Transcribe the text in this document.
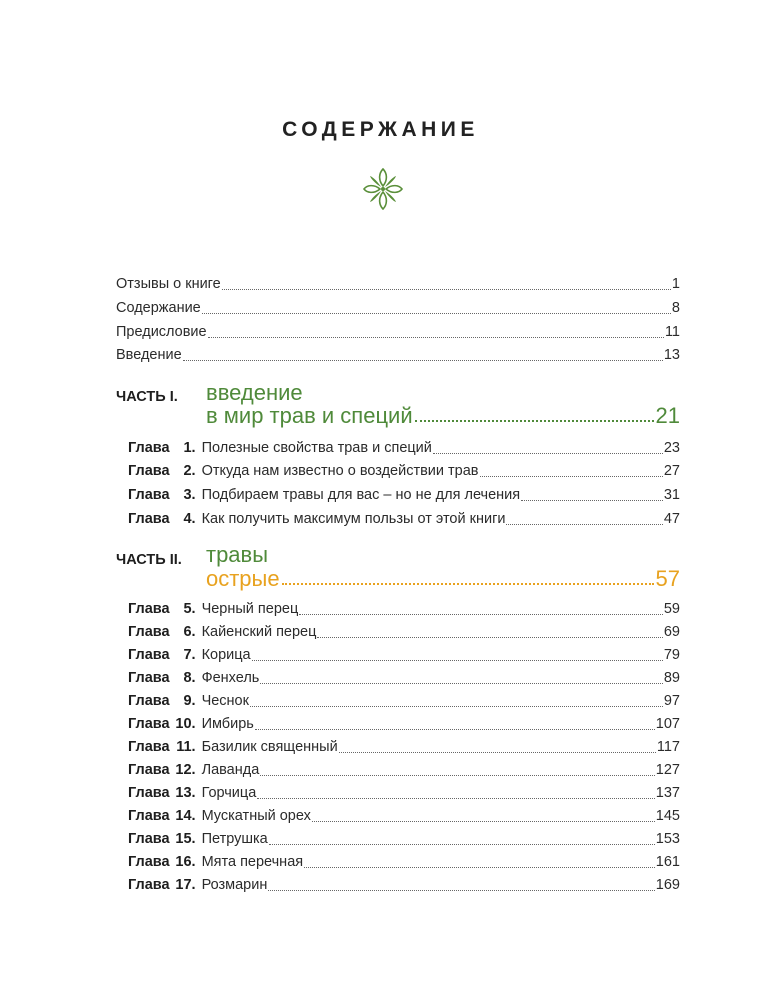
СОДЕРЖАНИЕ
Отзывы о книге	1
Содержание	8
Предисловие	11
Введение	13
ЧАСТЬ I. введение
в мир трав и специй	21
Глава 1. Полезные свойства трав и специй	23
Глава 2. Откуда нам известно о воздействии трав	27
Глава 3. Подбираем травы для вас – но не для лечения	31
Глава 4. Как получить максимум пользы от этой книги	47
ЧАСТЬ II. травы
острые	57
Глава 5. Черный перец	59
Глава 6. Кайенский перец	69
Глава 7. Корица	79
Глава 8. Фенхель	89
Глава 9. Чеснок	97
Глава 10. Имбирь	107
Глава 11. Базилик священный	117
Глава 12. Лаванда	127
Глава 13. Горчица	137
Глава 14. Мускатный орех	145
Глава 15. Петрушка	153
Глава 16. Мята перечная	161
Глава 17. Розмарин	169
